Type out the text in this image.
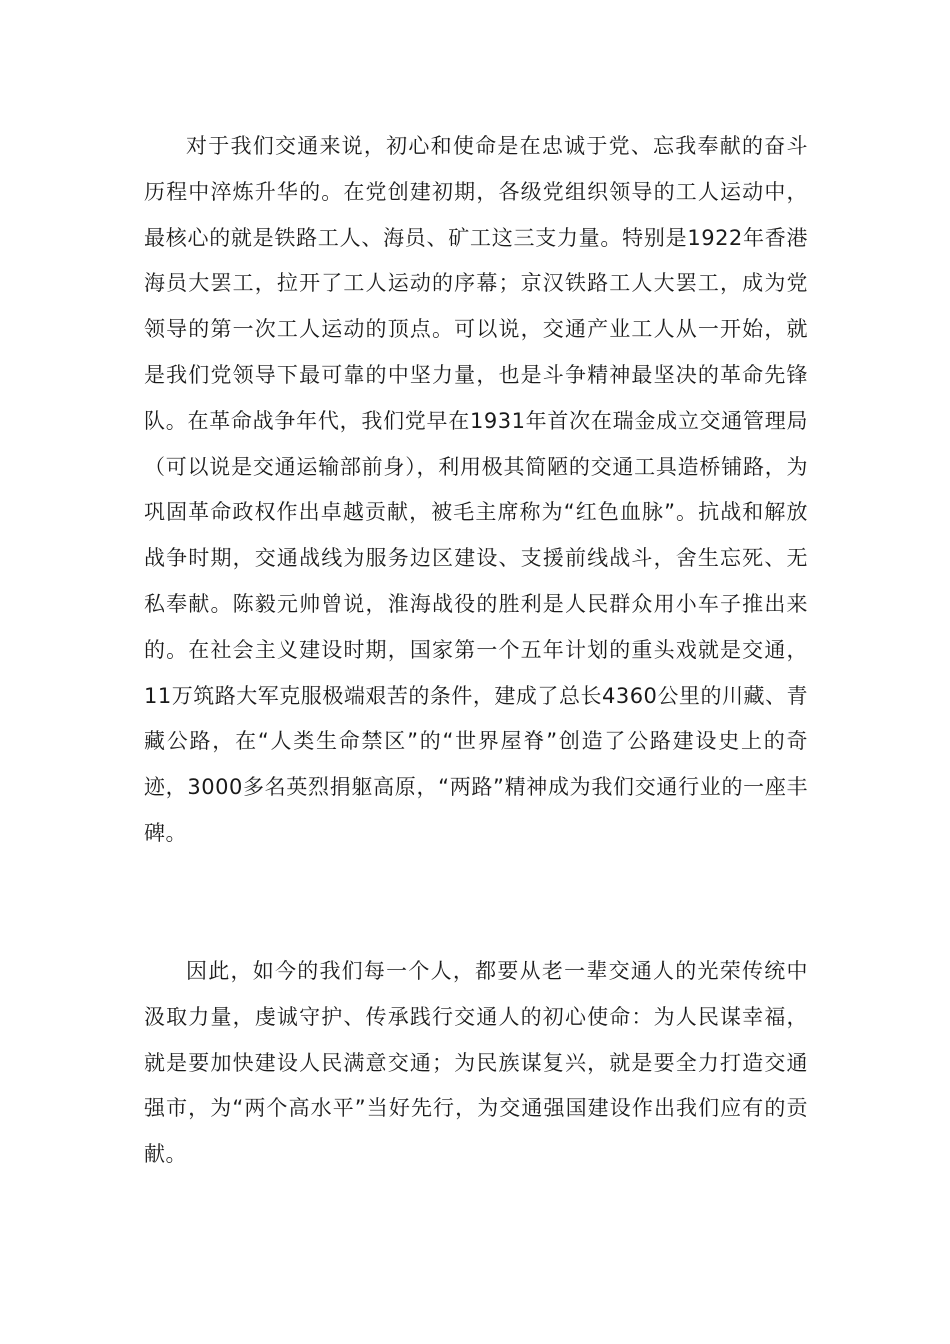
对于我们交通来说，初心和使命是在忠诚于党、忘我奉献的奋斗历程中淬炼升华的。在党创建初期，各级党组织领导的工人运动中，最核心的就是铁路工人、海员、矿工这三支力量。特别是1922年香港海员大罢工，拉开了工人运动的序幕；京汉铁路工人大罢工，成为党领导的第一次工人运动的顶点。可以说，交通产业工人从一开始，就是我们党领导下最可靠的中坚力量，也是斗争精神最坚决的革命先锋队。在革命战争年代，我们党早在1931年首次在瑞金成立交通管理局（可以说是交通运输部前身），利用极其简陋的交通工具造桥铺路，为巩固革命政权作出卓越贡献，被毛主席称为“红色血脉”。抗战和解放战争时期，交通战线为服务边区建设、支援前线战斗，舍生忘死、无私奉献。陈毅元帅曾说，淮海战役的胜利是人民群众用小车子推出来的。在社会主义建设时期，国家第一个五年计划的重头戏就是交通，11万筑路大军克服极端艰苦的条件，建成了总长4360公里的川藏、青藏公路，在“人类生命禁区”的“世界屋脊”创造了公路建设史上的奇迹，3000多名英烈捐躯高原，“两路”精神成为我们交通行业的一座丰碑。

因此，如今的我们每一个人，都要从老一辈交通人的光荣传统中汲取力量，虔诚守护、传承践行交通人的初心使命：为人民谋幸福，就是要加快建设人民满意交通；为民族谋复兴，就是要全力打造交通强市，为“两个高水平”当好先行，为交通强国建设作出我们应有的贡献。
